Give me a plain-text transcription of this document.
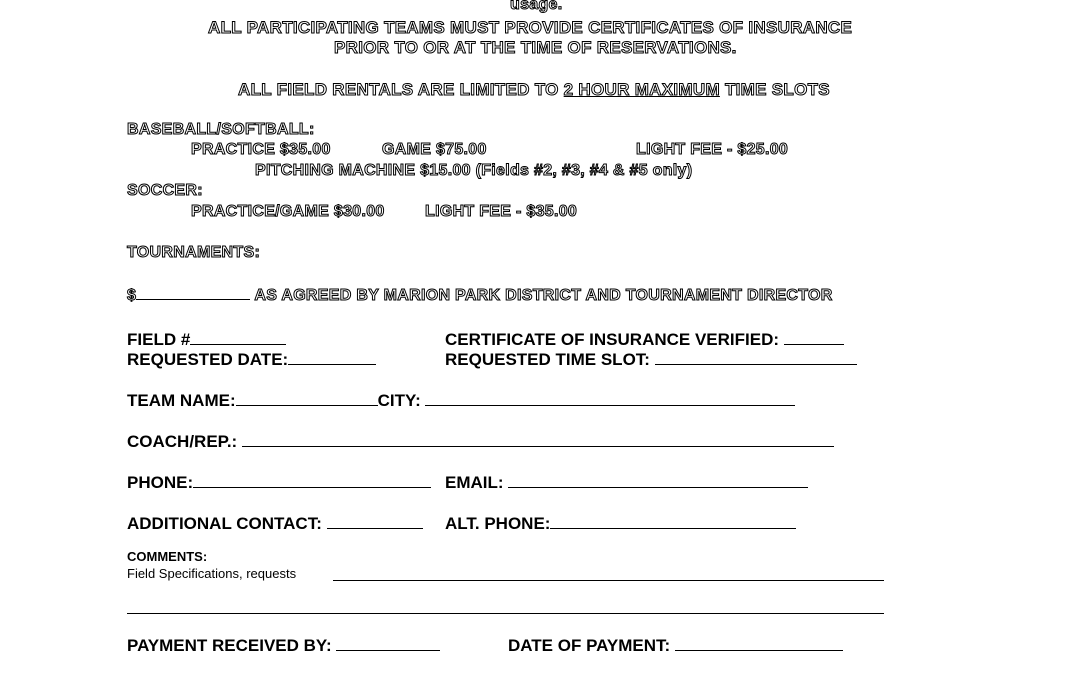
usage.
ALL PARTICIPATING TEAMS MUST PROVIDE CERTIFICATES OF INSURANCE
PRIOR TO OR AT THE TIME OF RESERVATIONS.
ALL FIELD RENTALS ARE LIMITED TO 2 HOUR MAXIMUM TIME SLOTS
BASEBALL/SOFTBALL:
PRACTICE $35.00	GAME $75.00	LIGHT FEE - $25.00
PITCHING MACHINE $15.00 (Fields #2, #3, #4 & #5 only)
SOCCER:
PRACTICE/GAME $30.00	LIGHT FEE - $35.00
TOURNAMENTS:
$	AS AGREED BY MARION PARK DISTRICT AND TOURNAMENT DIRECTOR
FIELD #	CERTIFICATE OF INSURANCE VERIFIED:
REQUESTED DATE:	REQUESTED TIME SLOT:
TEAM NAME:	CITY:
COACH/REP.:
PHONE:	EMAIL:
ADDITIONAL CONTACT:	ALT. PHONE:
COMMENTS:
Field Specifications, requests
PAYMENT RECEIVED BY:	DATE OF PAYMENT:
